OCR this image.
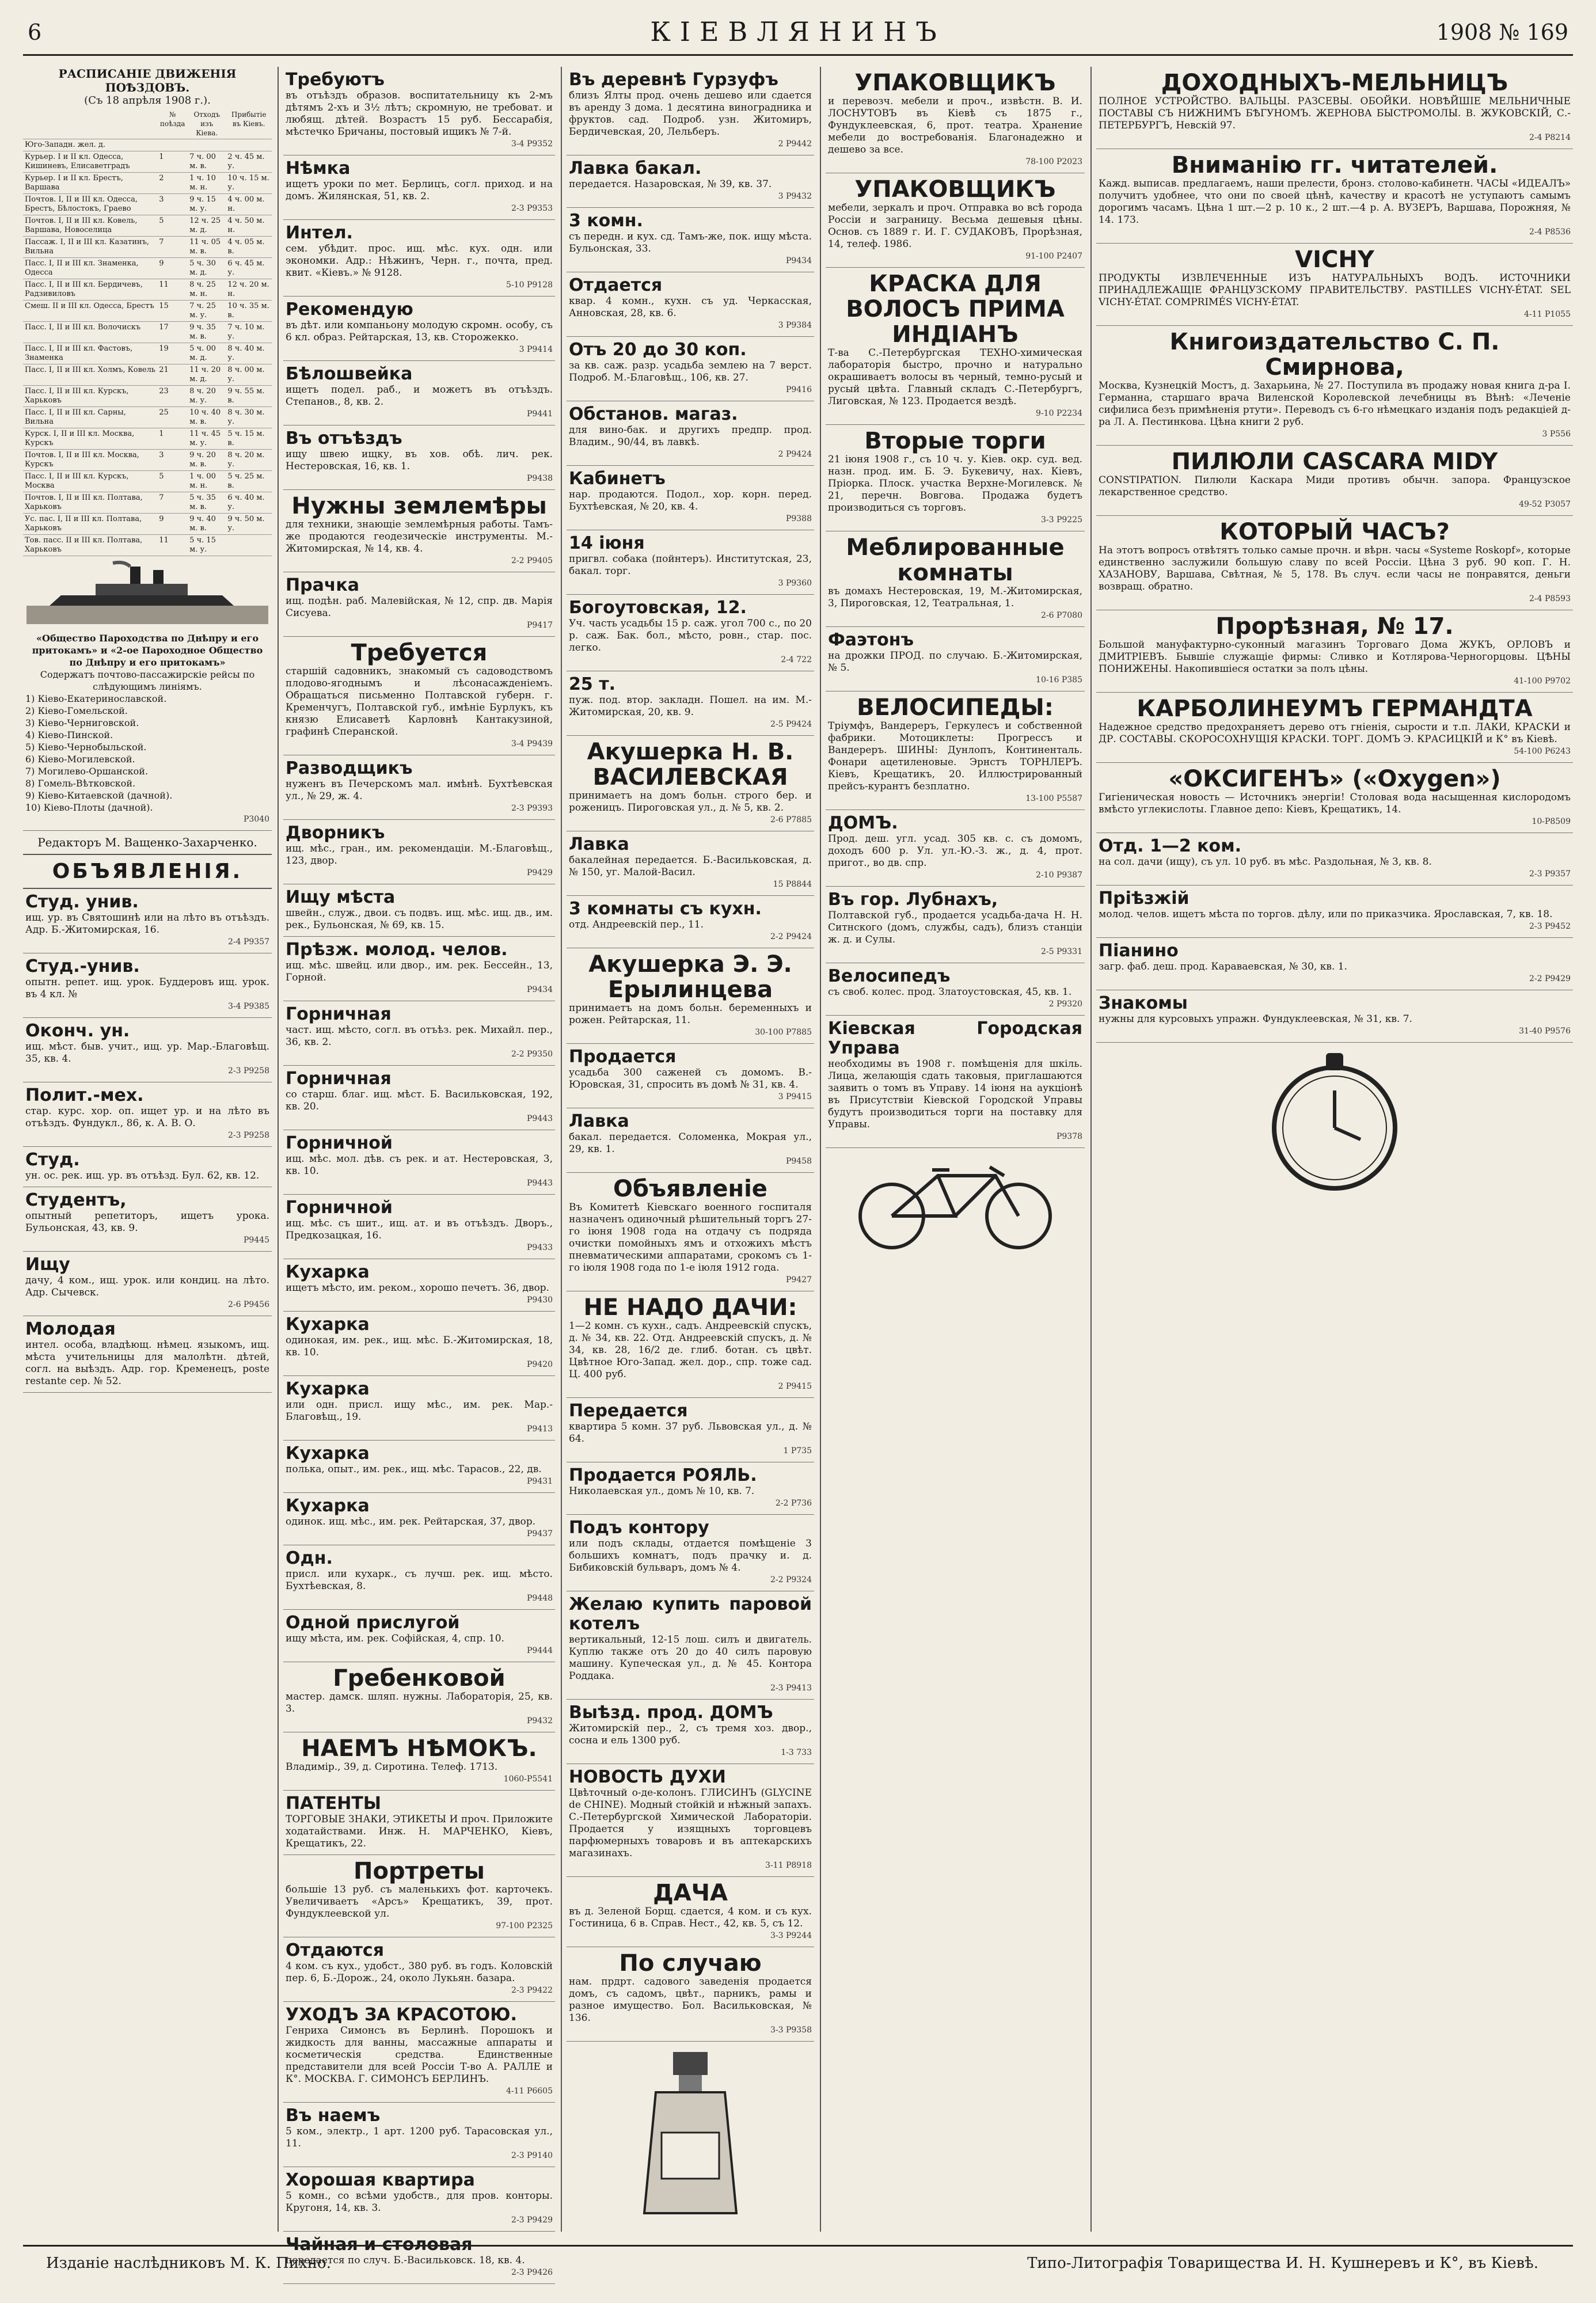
6	КІЕВЛЯНИНЪ	1908 № 169
РАСПИСАНІЕ ДВИЖЕНІЯ ПОѢЗДОВЪ.
(Съ 18 апрѣля 1908 г.).
	№ поѣзда	Отходъ изъ Кіева.	Прибытіе въ Кіевъ.
Юго-Западн. жел. д.			
Курьер. I и II кл. Одесса, Кишиневъ, Елисаветградъ	1	7 ч. 00 м. в.	2 ч. 45 м. у.
Курьер. I и II кл. Брестъ, Варшава	2	1 ч. 10 м. н.	10 ч. 15 м. у.
Почтов. I, II и III кл. Одесса, Брестъ, Бѣлостокъ, Граево	3	9 ч. 15 м. у.	4 ч. 00 м. н.
Почтов. I, II и III кл. Ковель, Варшава, Новоселица	5	12 ч. 25 м. д.	4 ч. 50 м. н.
Пассаж. I, II и III кл. Казатинъ, Вильна	7	11 ч. 05 м. в.	4 ч. 05 м. в.
Пасс. I, II и III кл. Знаменка, Одесса	9	5 ч. 30 м. д.	6 ч. 45 м. у.
Пасс. I, II и III кл. Бердичевъ, Радзивиловъ	11	8 ч. 25 м. н.	12 ч. 20 м. н.
Смеш. II и III кл. Одесса, Брестъ	15	7 ч. 25 м. у.	10 ч. 35 м. в.
Пасс. I, II и III кл. Волочискъ	17	9 ч. 35 м. в.	7 ч. 10 м. у.
Пасс. I, II и III кл. Фастовъ, Знаменка	19	5 ч. 00 м. д.	8 ч. 40 м. у.
Пасс. I, II и III кл. Холмъ, Ковель	21	11 ч. 20 м. д.	8 ч. 00 м. у.
Пасс. I, II и III кл. Курскъ, Харьковъ	23	8 ч. 20 м. у.	9 ч. 55 м. в.
Пасс. I, II и III кл. Сарны, Вильна	25	10 ч. 40 м. в.	8 ч. 30 м. у.
Курск. I, II и III кл. Москва, Курскъ	1	11 ч. 45 м. у.	5 ч. 15 м. в.
Почтов. I, II и III кл. Москва, Курскъ	3	9 ч. 20 м. в.	8 ч. 20 м. у.
Пасс. I, II и III кл. Курскъ, Москва	5	1 ч. 00 м. н.	5 ч. 25 м. в.
Почтов. I, II и III кл. Полтава, Харьковъ	7	5 ч. 35 м. в.	6 ч. 40 м. у.
Ус. пас. I, II и III кл. Полтава, Харьковъ	9	9 ч. 40 м. в.	9 ч. 50 м. у.
Тов. пасс. II и III кл. Полтава, Харьковъ	11	5 ч. 15 м. у.	
«Общество Пароходства по Днѣпру и его притокамъ» и «2-ое Пароходное Общество по Днѣпру и его притокамъ»
Содержатъ почтово-пассажирскіе рейсы по слѣдующимъ линіямъ.
1) Кіево-Екатеринославской.
2) Кіево-Гомельской.
3) Кіево-Черниговской.
4) Кіево-Пинской.
5) Кіево-Чернобыльской.
6) Кіево-Могилевской.
7) Могилево-Оршанской.
8) Гомель-Вѣтковской.
9) Кіево-Китаевской (дачной).
10) Кіево-Плоты (дачной).
P3040
Редакторъ М. Ващенко-Захарченко.
ОБЪЯВЛЕНІЯ.
Студ. унив.
ищ. ур. въ Святошинѣ или на лѣто въ отъѣздъ. Адр. Б.-Житомирская, 16.
2-4 P9357
Студ.-унив.
опытн. репет. ищ. урок. Буддеровъ ищ. урок. въ 4 кл. №
3-4 P9385
Оконч. ун.
ищ. мѣст. быв. учит., ищ. ур. Мар.-Благовѣщ. 35, кв. 4.
2-3 P9258
Полит.-мех.
стар. курс. хор. оп. ищет ур. и на лѣто въ отъѣздъ. Фундукл., 86, к. А. В. О.
2-3 P9258
Студ.
ун. ос. рек. ищ. ур. въ отъѣзд. Бул. 62, кв. 12.
Студентъ,
опытный репетиторъ, ищетъ урока. Бульонская, 43, кв. 9.
P9445
Ищу
дачу, 4 ком., ищ. урок. или кондиц. на лѣто. Адр. Сычевск.
2-6 P9456
Молодая
интел. особа, владѣющ. нѣмец. языкомъ, ищ. мѣста учительницы для малолѣтн. дѣтей, согл. на выѣздъ. Адр. гор. Кременецъ, poste restante сер. № 52.
Требуютъ
въ отъѣздъ образов. воспитательницу къ 2-мъ дѣтямъ 2-хъ и 3½ лѣтъ; скромную, не требоват. и любящ. дѣтей. Возрастъ 15 руб. Бессарабія, мѣстечко Бричаны, постовый ищикъ № 7-й.
3-4 P9352
Нѣмка
ищетъ уроки по мет. Берлицъ, согл. приход. и на домъ. Жилянская, 51, кв. 2.
2-3 P9353
Интел.
сем. убѣдит. прос. ищ. мѣс. кух. одн. или экономки. Адр.: Нѣжинъ, Черн. г., почта, пред. квит. «Кіевъ.» № 9128.
5-10 P9128
Рекомендую
въ дѣт. или компаньону молодую скромн. особу, съ 6 кл. образ. Рейтарская, 13, кв. Сторожекко.
3 P9414
Бѣлошвейка
ищетъ подел. раб., и можетъ въ отъѣздъ. Степанов., 8, кв. 2.
P9441
Въ отъѣздъ
ищу швею ищку, въ хов. обѣ. лич. рек. Нестеровская, 16, кв. 1.
P9438
Нужны землемѣры
для техники, знающіе землемѣрныя работы. Тамъ-же продаются геодезическіе инструменты. М.-Житомирская, № 14, кв. 4.
2-2 P9405
Прачка
ищ. подѣн. раб. Малевійская, № 12, спр. дв. Марія Сисуева.
P9417
Требуется
старшій садовникъ, знакомый съ садоводствомъ плодово-ягоднымъ и лѣсонасажденіемъ. Обращаться письменно Полтавской губерн. г. Кременчугъ, Полтавской губ., имѣніе Бурлукъ, къ князю Елисаветѣ Карловнѣ Кантакузиной, графинѣ Сперанской.
3-4 P9439
Разводщикъ
нуженъ въ Печерскомъ мал. имѣнѣ. Бухтѣевская ул., № 29, ж. 4.
2-3 P9393
Дворникъ
ищ. мѣс., гран., им. рекомендаціи. М.-Благовѣщ., 123, двор.
P9429
Ищу мѣста
швейн., служ., двои. съ подвъ. ищ. мѣс. ищ. дв., им. рек., Бульонская, № 69, кв. 15.
Прѣзж. молод. челов.
ищ. мѣс. швейц. или двор., им. рек. Бессейн., 13, Горной.
P9434
Горничная
част. ищ. мѣсто, согл. въ отъѣз. рек. Михайл. пер., 36, кв. 2.
2-2 P9350
Горничная
со старш. благ. ищ. мѣст. Б. Васильковская, 192, кв. 20.
P9443
Горничной
ищ. мѣс. мол. дѣв. съ рек. и ат. Нестеровская, 3, кв. 10.
P9443
Горничной
ищ. мѣс. съ шит., ищ. ат. и въ отъѣздъ. Дворъ., Предкозацкая, 16.
P9433
Кухарка
ищетъ мѣсто, им. реком., хорошо печетъ. 36, двор.
P9430
Кухарка
одинокая, им. рек., ищ. мѣс. Б.-Житомирская, 18, кв. 10.
P9420
Кухарка
или одн. присл. ищу мѣс., им. рек. Мар.-Благовѣщ., 19.
P9413
Кухарка
полька, опыт., им. рек., ищ. мѣс. Тарасов., 22, дв.
P9431
Кухарка
одинок. ищ. мѣс., им. рек. Рейтарская, 37, двор.
P9437
Одн.
присл. или кухарк., съ лучш. рек. ищ. мѣсто. Бухтѣевская, 8.
P9448
Одной прислугой
ищу мѣста, им. рек. Софійская, 4, спр. 10.
P9444
Гребенковой
мастер. дамск. шляп. нужны. Лабораторія, 25, кв. 3.
P9432
НАЕМЪ НѢМОКЪ.
Владимір., 39, д. Сиротина. Телеф. 1713.
1060-P5541
ПАТЕНТЫ
ТОРГОВЫЕ ЗНАКИ, ЭТИКЕТЫ И проч. Приложите ходатайствами. Инж. Н. МАРЧЕНКО, Кіевъ, Крещатикъ, 22.
Портреты
большіе 13 руб. съ маленькихъ фот. карточекъ. Увеличиваетъ «Арсъ» Крещатикъ, 39, прот. Фундуклеевской ул.
97-100 P2325
Отдаются
4 ком. съ кух., удобст., 380 руб. въ годъ. Коловскій пер. 6, Б.-Дорож., 24, около Лукьян. базара.
2-3 P9422
УХОДЪ ЗА КРАСОТОЮ.
Генриха Симонсъ въ Берлинѣ. Порошокъ и жидкость для ванны, массажные аппараты и косметическія средства. Единственные представители для всей Россіи Т-во А. РАЛЛЕ и К°. МОСКВА. Г. СИМОНСЪ БЕРЛИНЪ.
4-11 P6605
Въ наемъ
5 ком., электр., 1 арт. 1200 руб. Тарасовская ул., 11.
2-3 P9140
Хорошая квартира
5 комн., со всѣми удобств., для пров. конторы. Кругоня, 14, кв. 3.
2-3 P9429
Чайная и столовая
передается по случ. Б.-Васильковск. 18, кв. 4.
2-3 P9426
Въ деревнѣ Гурзуфъ
близъ Ялты прод. очень дешево или сдается въ аренду 3 дома. 1 десятина виноградника и фруктов. сад. Подроб. узн. Житомиръ, Бердичевская, 20, Лельберъ.
2 P9442
Лавка бакал.
передается. Назаровская, № 39, кв. 37.
3 P9432
3 комн.
съ передн. и кух. сд. Тамъ-же, пок. ищу мѣста. Бульонская, 33.
P9434
Отдается
квар. 4 комн., кухн. съ уд. Черкасская, Анновская, 28, кв. 6.
3 P9384
Отъ 20 до 30 коп.
за кв. саж. разр. усадьба землею на 7 верст. Подроб. М.-Благовѣщ., 106, кв. 27.
P9416
Обстанов. магаз.
для вино-бак. и другихъ предпр. прод. Владим., 90/44, въ лавкѣ.
2 P9424
Кабинетъ
нар. продаются. Подол., хор. корн. перед. Бухтѣевская, № 20, кв. 4.
P9388
14 іюня
пригвл. собака (пойнтеръ). Институтская, 23, бакал. торг.
3 P9360
Богоутовская, 12.
Уч. часть усадьбы 15 р. саж. угол 700 с., по 20 р. саж. Бак. бол., мѣсто, ровн., стар. пос. легко.
2-4 722
25 т.
пуж. под. втор. закладн. Пошел. на им. М.-Житомирская, 20, кв. 9.
2-5 P9424
Акушерка Н. В. ВАСИЛЕВСКАЯ
принимаетъ на домъ больн. строго бер. и роженицъ. Пироговская ул., д. № 5, кв. 2.
2-6 P7885
Лавка
бакалейная передается. Б.-Васильковская, д. № 150, уг. Малой-Васил.
15 P8844
3 комнаты съ кухн.
отд. Андреевскій пер., 11.
2-2 P9424
Акушерка Э. Э. Ерылинцева
принимаетъ на домъ больн. беременныхъ и рожен. Рейтарская, 11.
30-100 P7885
Продается
усадьба 300 саженей съ домомъ. В.-Юровская, 31, спросить въ домѣ № 31, кв. 4.
3 P9415
Лавка
бакал. передается. Соломенка, Мокрая ул., 29, кв. 1.
P9458
Объявленіе
Въ Комитетѣ Кіевскаго военного госпиталя назначенъ одиночный рѣшительный торгъ 27-го іюня 1908 года на отдачу съ подряда очистки помойныхъ ямъ и отхожихъ мѣстъ пневматическими аппаратами, срокомъ съ 1-го іюля 1908 года по 1-е іюля 1912 года.
P9427
НЕ НАДО ДАЧИ:
1—2 комн. съ кухн., садъ. Андреевскій спускъ, д. № 34, кв. 22. Отд. Андреевскій спускъ, д. № 34, кв. 28, 16/2 де. глиб. ботан. съ цвѣт. Цвѣтное Юго-Запад. жел. дор., спр. тоже сад. Ц. 400 руб.
2 P9415
Передается
квартира 5 комн. 37 руб. Львовская ул., д. № 64.
1 P735
Продается РОЯЛЬ.
Николаевская ул., домъ № 10, кв. 7.
2-2 P736
Подъ контору
или подъ склады, отдается помѣщеніе 3 большихъ комнатъ, подъ прачку и. д. Бибиковскій бульваръ, домъ № 4.
2-2 P9324
Желаю купить паровой котелъ
вертикальный, 12-15 лош. силъ и двигатель. Куплю также отъ 20 до 40 силъ паровую машину. Купеческая ул., д. № 45. Контора Роддака.
2-3 P9413
Выѣзд. прод. ДОМЪ
Житомирскій пер., 2, съ тремя хоз. двор., сосна и ель 1300 руб.
1-3 733
НОВОСТЬ ДУХИ
Цвѣточный о-де-колонъ. ГЛИСИНЪ (GLYCINE de CHINE). Модный стойкій и нѣжный запахъ. С.-Петербургской Химической Лабораторіи. Продается у изящныхъ торговцевъ парфюмерныхъ товаровъ и въ аптекарскихъ магазинахъ.
3-11 P8918
ДАЧА
въ д. Зеленой Борщ. сдается, 4 ком. и съ кух. Гостиница, 6 в. Справ. Нест., 42, кв. 5, съ 12.
3-3 P9244
По случаю
нам. прдрт. садового заведенія продается домъ, съ садомъ, цвѣт., парникъ, рамы и разное имущество. Бол. Васильковская, № 136.
3-3 P9358
УПАКОВЩИКЪ
и перевозч. мебели и проч., извѣстн. В. И. ЛОСНУТОВЪ въ Кіевѣ съ 1875 г., Фундуклеевская, 6, прот. театра. Хранение мебели до востребованія. Благонадежно и дешево за все.
78-100 P2023
УПАКОВЩИКЪ
мебели, зеркалъ и проч. Отправка во всѣ города Россіи и заграницу. Весьма дешевыя цѣны. Основ. съ 1889 г. И. Г. СУДАКОВЪ, Прорѣзная, 14, телеф. 1986.
91-100 P2407
КРАСКА ДЛЯ ВОЛОСЪ ПРИМА ИНДІАНЪ
Т-ва С.-Петербургская ТЕХНО-химическая лабораторія быстро, прочно и натурально окрашиваетъ волосы въ черный, темно-русый и русый цвѣта. Главный складъ С.-Петербургъ, Лиговская, № 123. Продается вездѣ.
9-10 P2234
Вторые торги
21 іюня 1908 г., съ 10 ч. у. Кіев. окр. суд. вед. назн. прод. им. Б. Э. Букевичу, нах. Кіевъ, Пріорка. Плоск. участка Верхне-Могилевск. № 21, перечн. Вовгова. Продажа будетъ производиться съ торговъ.
3-3 P9225
Меблированные комнаты
въ домахъ Нестеровская, 19, М.-Житомирская, 3, Пироговская, 12, Театральная, 1.
2-6 P7080
Фаэтонъ
на дрожки ПРОД. по случаю. Б.-Житомирская, № 5.
10-16 P385
ВЕЛОСИПЕДЫ:
Тріумфъ, Вандереръ, Геркулесъ и собственной фабрики. Мотоциклеты: Прогрессъ и Вандереръ. ШИНЫ: Дунлопъ, Континенталь. Фонари ацетиленовые. Эрнстъ ТОРНЛЕРЪ. Кіевъ, Крещатикъ, 20. Иллюстрированный прейсъ-курантъ безплатно.
13-100 P5587
ДОМЪ.
Прод. деш. угл. усад. 305 кв. с. съ домомъ, доходъ 600 р. Ул. ул.-Ю.-З. ж., д. 4, прот. пригот., во дв. спр.
2-10 P9387
Въ гор. Лубнахъ,
Полтавской губ., продается усадьба-дача Н. Н. Ситнского (домъ, службы, садъ), близъ станціи ж. д. и Сулы.
2-5 P9331
Велосипедъ
съ своб. колес. прод. Златоустовская, 45, кв. 1.
2 P9320
Кіевская Городская Управа
необходимы въ 1908 г. помѣщенія для шкіль. Лица, желающія сдать таковыя, приглашаются заявить о томъ въ Управу. 14 іюня на аукціонѣ въ Присутствіи Кіевской Городской Управы будутъ производиться торги на поставку для Управы.
P9378
ДОХОДНЫХЪ-МЕЛЬНИЦЪ
ПОЛНОЕ УСТРОЙСТВО. ВАЛЬЦЫ. РАЗСЕВЫ. ОБОЙКИ. НОВѢЙШІЕ МЕЛЬНИЧНЫЕ ПОСТАВЫ СЪ НИЖНИМЪ БѢГУНОМЪ. ЖЕРНОВА БЫСТРОМОЛЫ. В. ЖУКОВСКІЙ, С.-ПЕТЕРБУРГЪ, Невскій 97.
2-4 P8214
Вниманію гг. читателей.
Кажд. выписав. предлагаемъ, наши прелести, бронз. столово-кабинетн. ЧАСЫ «ИДЕАЛЪ» получитъ удобнее, что они по своей цѣнѣ, качеству и красотѣ не уступаютъ самымъ дорогимъ часамъ. Цѣна 1 шт.—2 р. 10 к., 2 шт.—4 р. А. ВУЗЕРЪ, Варшава, Порожняя, № 14. 173.
2-4 P8536
VICHY
ПРОДУКТЫ ИЗВЛЕЧЕННЫЕ ИЗЪ НАТУРАЛЬНЫХЪ ВОДЪ. ИСТОЧНИКИ ПРИНАДЛЕЖАЩІЕ ФРАНЦУЗСКОМУ ПРАВИТЕЛЬСТВУ. PASTILLES VICHY-ÉTAT. SEL VICHY-ÉTAT. COMPRIMÉS VICHY-ÉTAT.
4-11 P1055
Книгоиздательство С. П. Смирнова,
Москва, Кузнецкій Мостъ, д. Захарьина, № 27. Поступила въ продажу новая книга д-ра І. Германна, старшаго врача Виленской Королевской лечебницы въ Вѣнѣ: «Леченіе сифилиса безъ примѣненія ртути». Переводъ съ 6-го нѣмецкаго изданія подъ редакціей д-ра Л. А. Пестинкова. Цѣна книги 2 руб.
3 P556
ПИЛЮЛИ CASCARA MIDY
CONSTIPATION. Пилюли Каскара Миди противъ обычн. запора. Французское лекарственное средство.
49-52 P3057
КОТОРЫЙ ЧАСЪ?
На этотъ вопросъ отвѣтятъ только самые прочн. и вѣрн. часы «Systeme Roskopf», которые единственно заслужили большую славу по всей Россіи. Цѣна 3 руб. 90 коп. Г. Н. ХАЗАНОВУ, Варшава, Свѣтная, № 5, 178. Въ случ. если часы не понравятся, деньги возвращ. обратно.
2-4 P8593
Прорѣзная, № 17.
Большой мануфактурно-суконный магазинъ Торговаго Дома ЖУКЪ, ОРЛОВЪ и ДМИТРІЕВЪ. Бывшіе служащіе фирмы: Сливко и Котлярова-Черногорцовы. ЦѢНЫ ПОНИЖЕНЫ. Накопившіеся остатки за полъ цѣны.
41-100 P9702
КАРБОЛИНЕУМЪ ГЕРМАНДТА
Надежное средство предохраняетъ дерево отъ гніенія, сырости и т.п. ЛАКИ, КРАСКИ и ДР. СОСТАВЫ. СКОРОСОХНУЩІЯ КРАСКИ. ТОРГ. ДОМЪ Э. КРАСИЦКІЙ и К° въ Кіевѣ.
54-100 P6243
«ОКСИГЕНЪ» («Oxygen»)
Гигіеническая новость — Источникъ энергіи! Столовая вода насыщенная кислородомъ вмѣсто углекислоты. Главное депо: Кіевъ, Крещатикъ, 14.
10-P8509
Отд. 1—2 ком.
на сол. дачи (ищу), съ ул. 10 руб. въ мѣс. Раздольная, № 3, кв. 8.
2-3 P9357
Пріѣзжій
молод. челов. ищетъ мѣста по торгов. дѣлу, или по приказчика. Ярославская, 7, кв. 18.
2-3 P9452
Піанино
загр. фаб. деш. прод. Караваевская, № 30, кв. 1.
2-2 P9429
Знакомы
нужны для курсовыхъ упражн. Фундуклеевская, № 31, кв. 7.
31-40 P9576
Изданіе наслѣдниковъ М. К. Пихно.	Типо-Литографія Товарищества И. Н. Кушнеревъ и К°, въ Кіевѣ.
